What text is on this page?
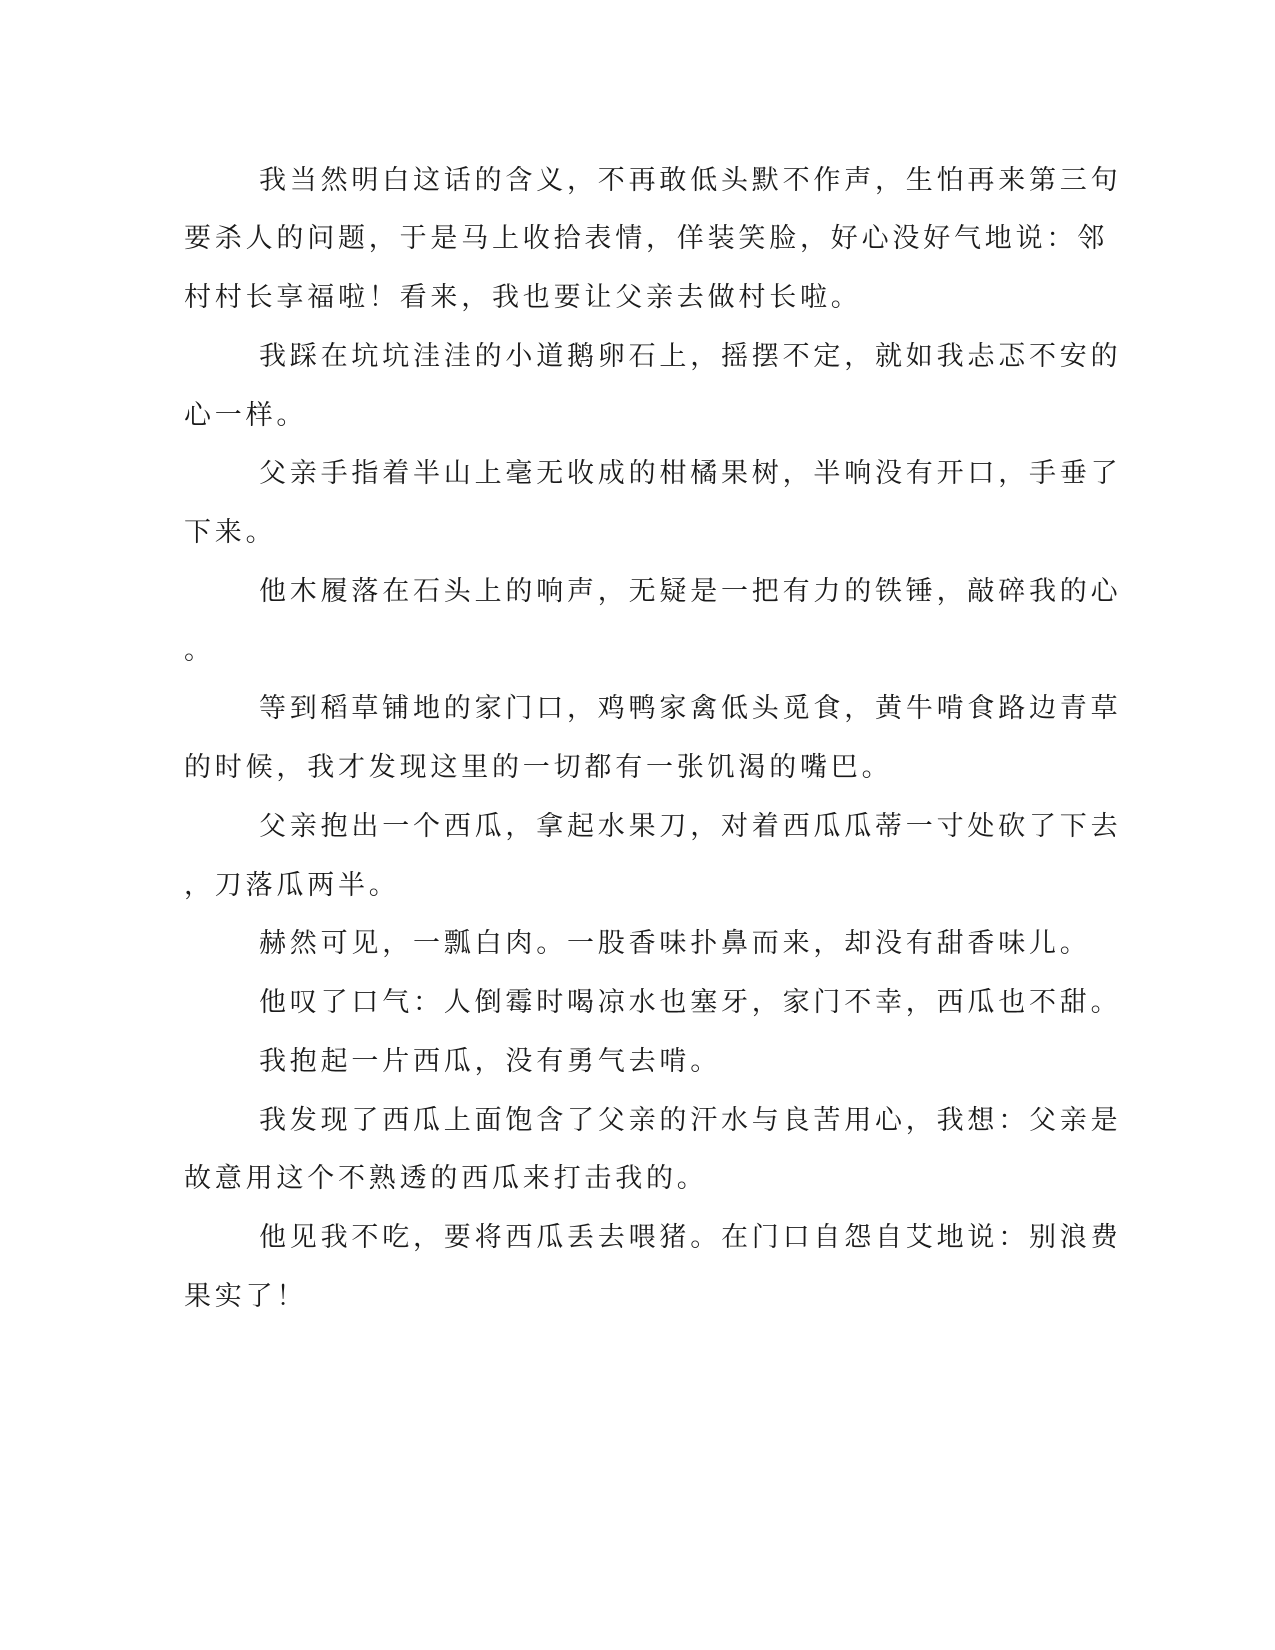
我当然明白这话的含义，不再敢低头默不作声，生怕再来第三句
要杀人的问题，于是马上收拾表情，佯装笑脸，好心没好气地说：邻
村村长享福啦！看来，我也要让父亲去做村长啦。
我踩在坑坑洼洼的小道鹅卵石上，摇摆不定，就如我忐忑不安的
心一样。
父亲手指着半山上毫无收成的柑橘果树，半响没有开口，手垂了
下来。
他木履落在石头上的响声，无疑是一把有力的铁锤，敲碎我的心
。
等到稻草铺地的家门口，鸡鸭家禽低头觅食，黄牛啃食路边青草
的时候，我才发现这里的一切都有一张饥渴的嘴巴。
父亲抱出一个西瓜，拿起水果刀，对着西瓜瓜蒂一寸处砍了下去
，刀落瓜两半。
赫然可见，一瓢白肉。一股香味扑鼻而来，却没有甜香味儿。
他叹了口气：人倒霉时喝凉水也塞牙，家门不幸，西瓜也不甜。
我抱起一片西瓜，没有勇气去啃。
我发现了西瓜上面饱含了父亲的汗水与良苦用心，我想：父亲是
故意用这个不熟透的西瓜来打击我的。
他见我不吃，要将西瓜丢去喂猪。在门口自怨自艾地说：别浪费
果实了！
